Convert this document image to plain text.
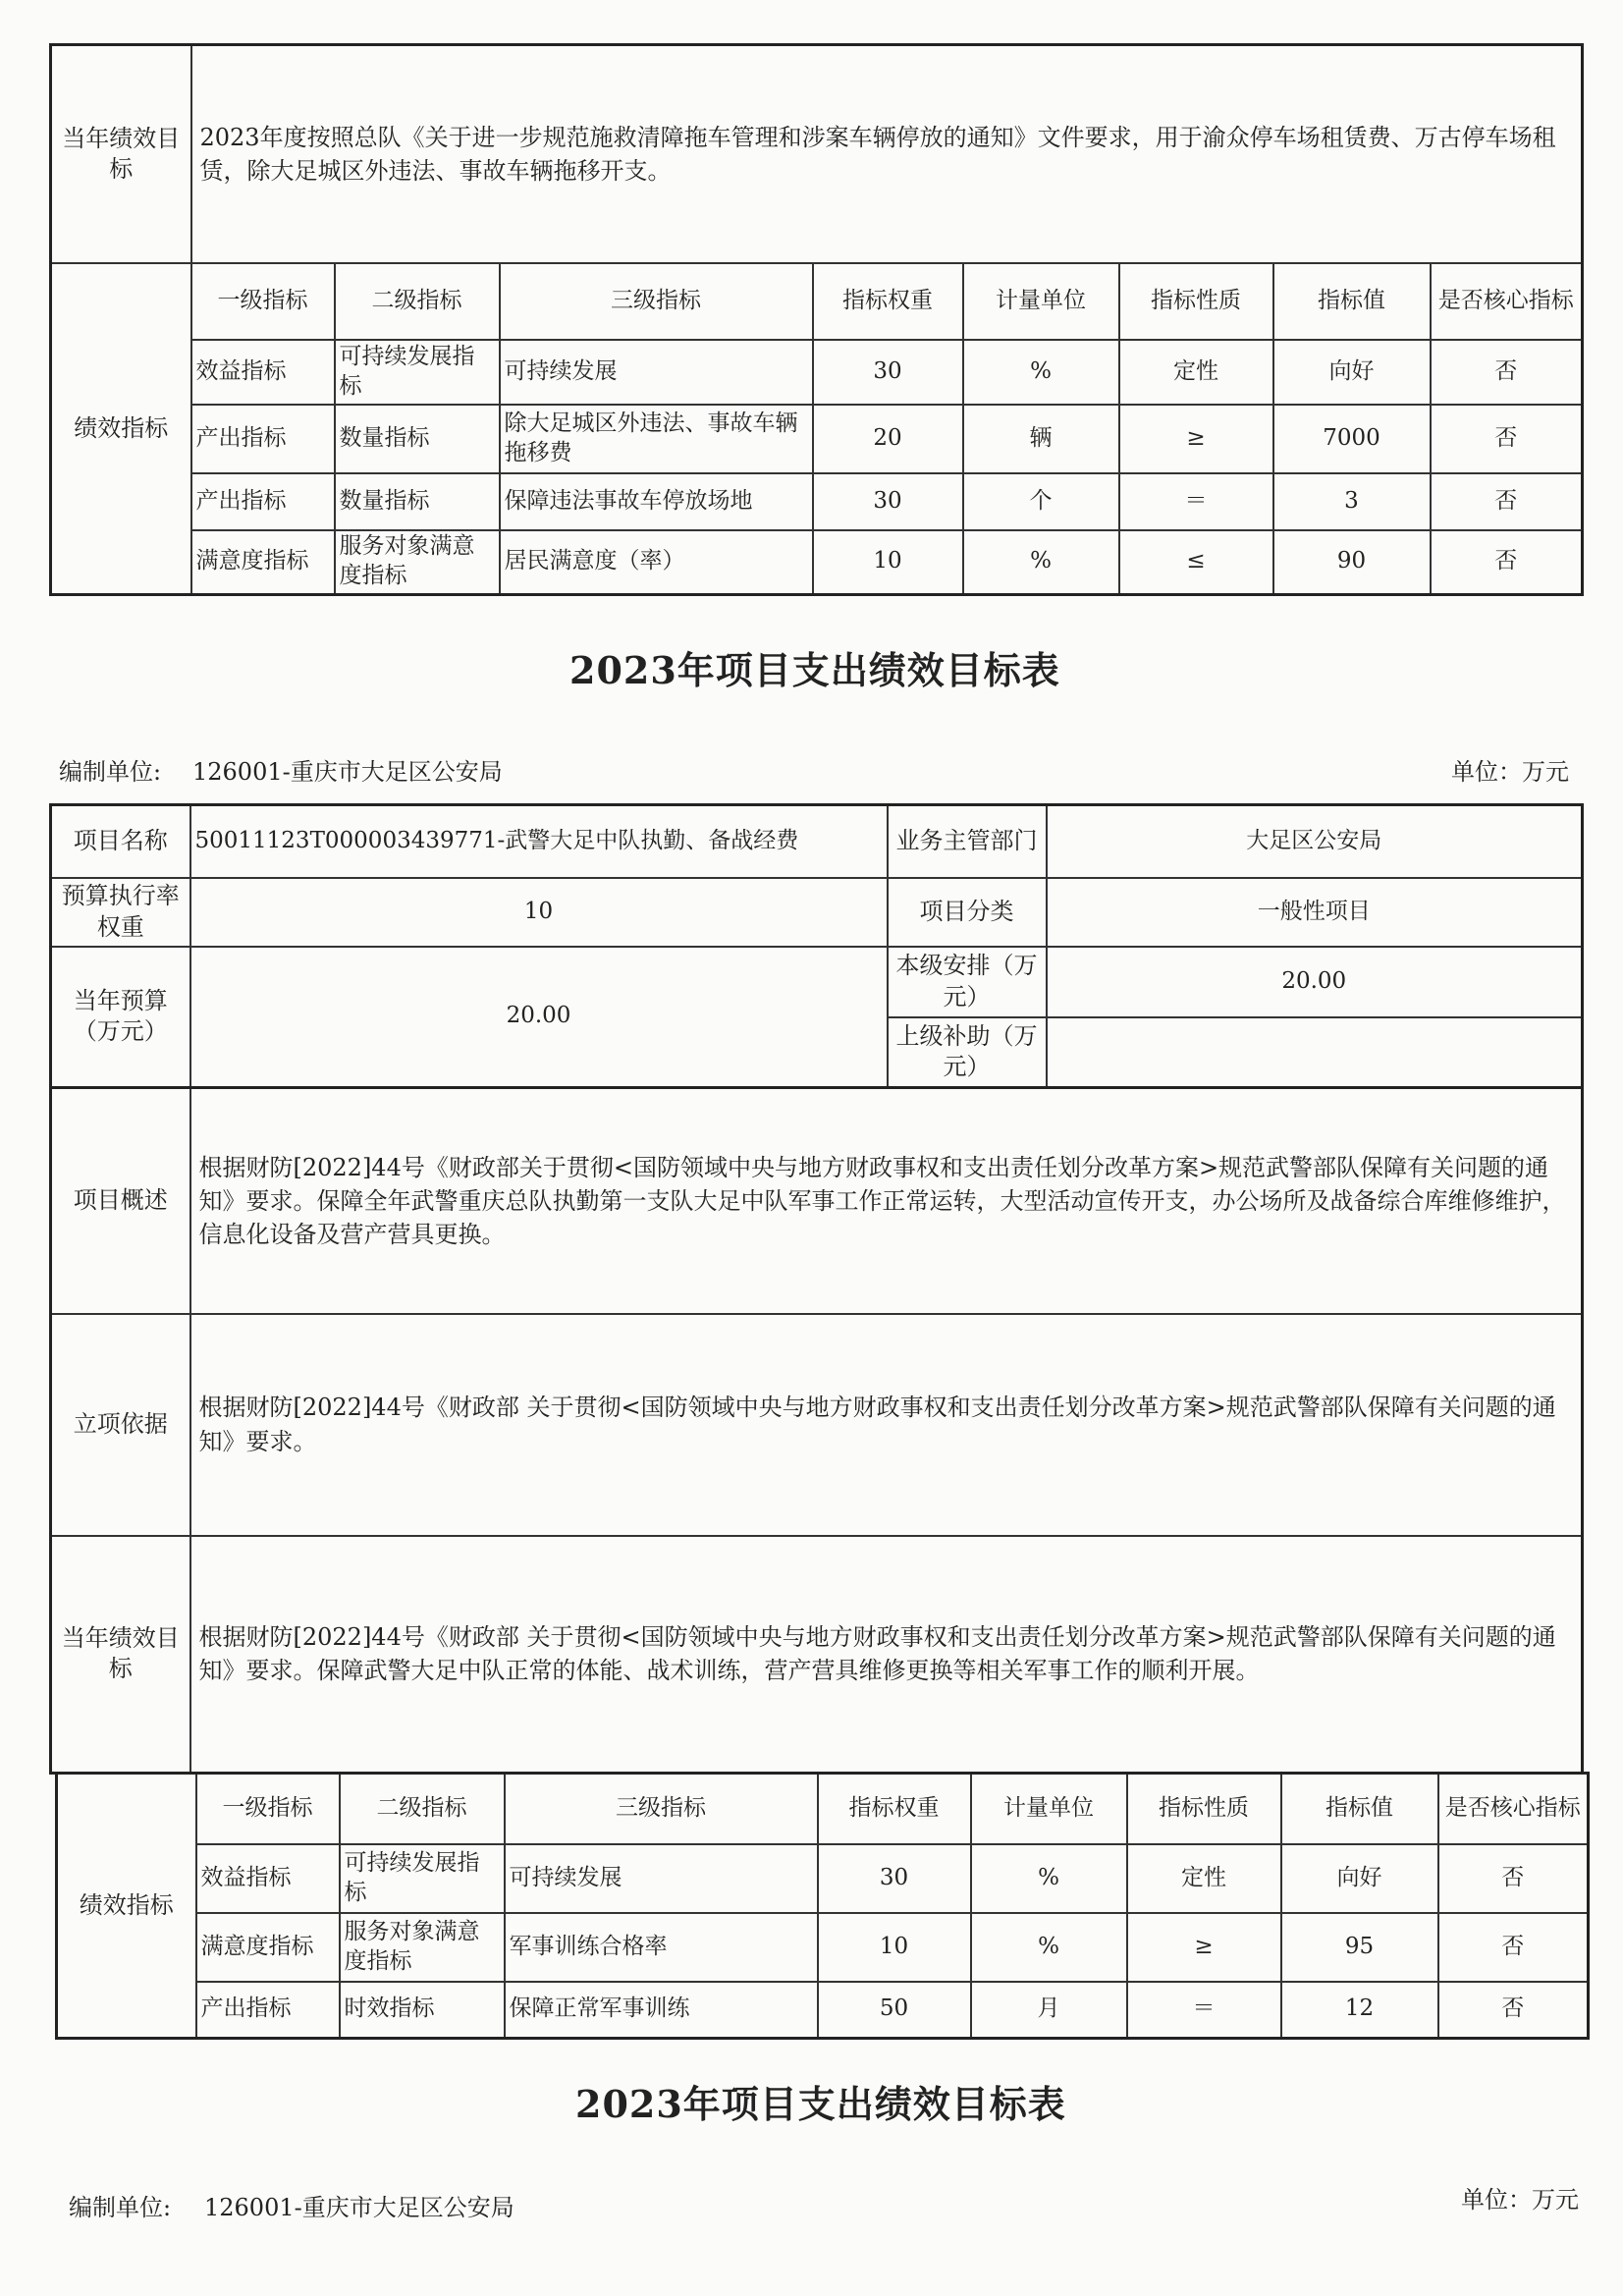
当年绩效目标	2023年度按照总队《关于进一步规范施救清障拖车管理和涉案车辆停放的通知》文件要求，用于渝众停车场租赁费、万古停车场租赁，除大足城区外违法、事故车辆拖移开支。							
绩效指标	一级指标	二级指标	三级指标	指标权重	计量单位	指标性质	指标值	是否核心指标
	效益指标	可持续发展指标	可持续发展	30	%	定性	向好	否
	产出指标	数量指标	除大足城区外违法、事故车辆拖移费	20	辆	≥	7000	否
	产出指标	数量指标	保障违法事故车停放场地	30	个	＝	3	否
	满意度指标	服务对象满意度指标	居民满意度（率）	10	%	≤	90	否
2023年项目支出绩效目标表
编制单位: 126001-重庆市大足区公安局	单位：万元
项目名称	50011123T000003439771-武警大足中队执勤、备战经费	业务主管部门	大足区公安局
预算执行率权重	10	项目分类	一般性项目
当年预算（万元）	20.00	本级安排（万元）	20.00
		上级补助（万元）	
项目概述	根据财防[2022]44号《财政部关于贯彻<国防领域中央与地方财政事权和支出责任划分改革方案>规范武警部队保障有关问题的通知》要求。保障全年武警重庆总队执勤第一支队大足中队军事工作正常运转，大型活动宣传开支，办公场所及战备综合库维修维护，信息化设备及营产营具更换。
立项依据	根据财防[2022]44号《财政部 关于贯彻<国防领域中央与地方财政事权和支出责任划分改革方案>规范武警部队保障有关问题的通知》要求。
当年绩效目标	根据财防[2022]44号《财政部 关于贯彻<国防领域中央与地方财政事权和支出责任划分改革方案>规范武警部队保障有关问题的通知》要求。保障武警大足中队正常的体能、战术训练，营产营具维修更换等相关军事工作的顺利开展。
绩效指标	一级指标	二级指标	三级指标	指标权重	计量单位	指标性质	指标值	是否核心指标
	效益指标	可持续发展指标	可持续发展	30	%	定性	向好	否
	满意度指标	服务对象满意度指标	军事训练合格率	10	%	≥	95	否
	产出指标	时效指标	保障正常军事训练	50	月	＝	12	否
2023年项目支出绩效目标表
编制单位: 126001-重庆市大足区公安局	单位：万元
